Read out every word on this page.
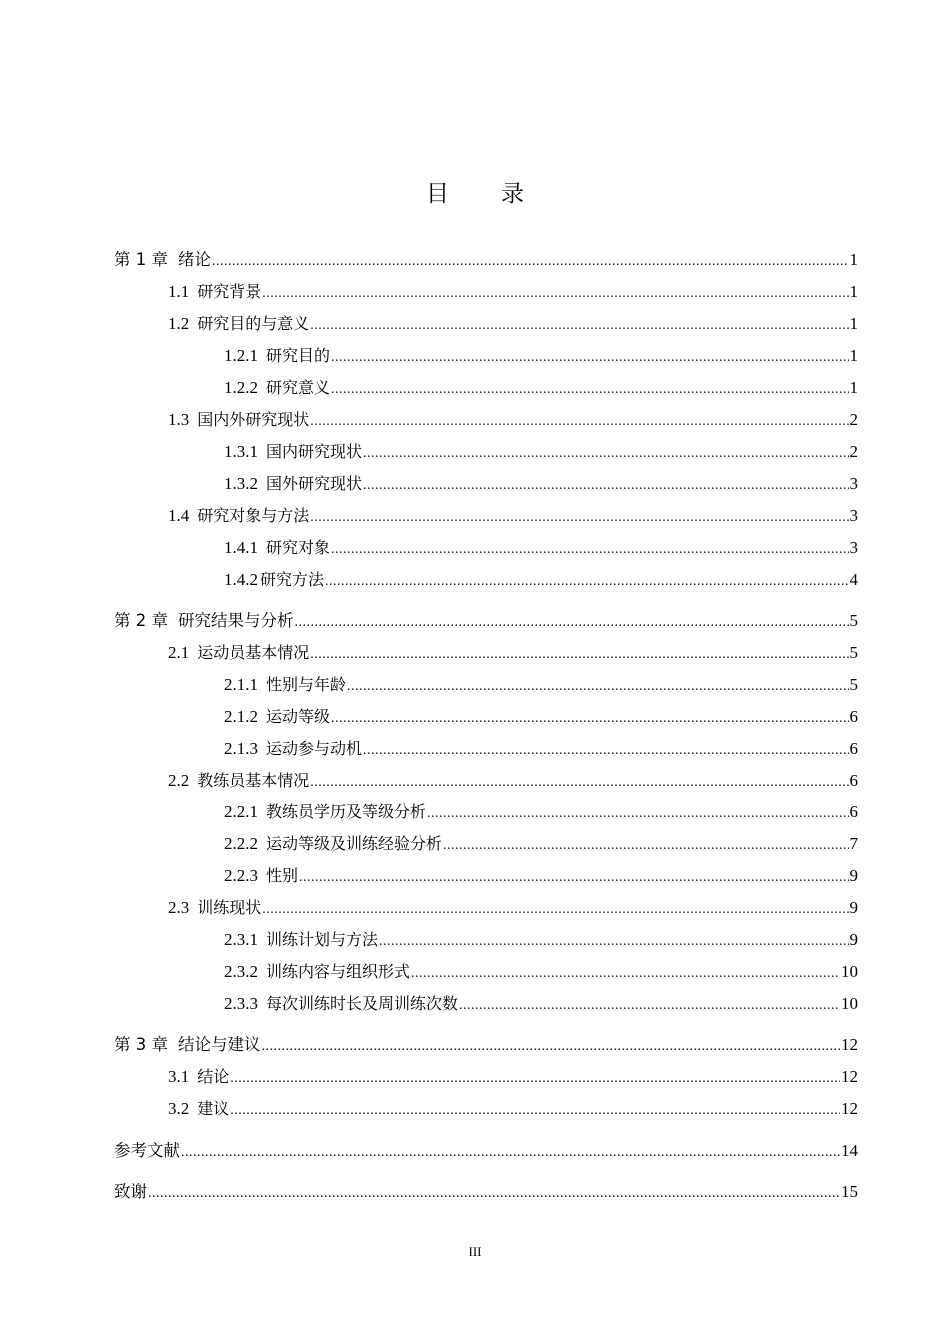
目 录
第 1 章 绪论 .....	1
1.1 研究背景 .....	1
1.2 研究目的与意义 .....	1
1.2.1 研究目的 .....	1
1.2.2 研究意义 .....	1
1.3 国内外研究现状 .....	2
1.3.1 国内研究现状 .....	2
1.3.2 国外研究现状 .....	3
1.4 研究对象与方法 .....	3
1.4.1 研究对象 .....	3
1.4.2 研究方法 .....	4
第 2 章 研究结果与分析 .....	5
2.1 运动员基本情况 .....	5
2.1.1 性别与年龄 .....	5
2.1.2 运动等级 .....	6
2.1.3 运动参与动机 .....	6
2.2 教练员基本情况 .....	6
2.2.1 教练员学历及等级分析 .....	6
2.2.2 运动等级及训练经验分析 .....	7
2.2.3 性别 .....	9
2.3 训练现状 .....	9
2.3.1 训练计划与方法 .....	9
2.3.2 训练内容与组织形式 .....	10
2.3.3 每次训练时长及周训练次数 .....	10
第 3 章 结论与建议 .....	12
3.1 结论 .....	12
3.2 建议 .....	12
参考文献 .....	14
致谢 .....	15
III
